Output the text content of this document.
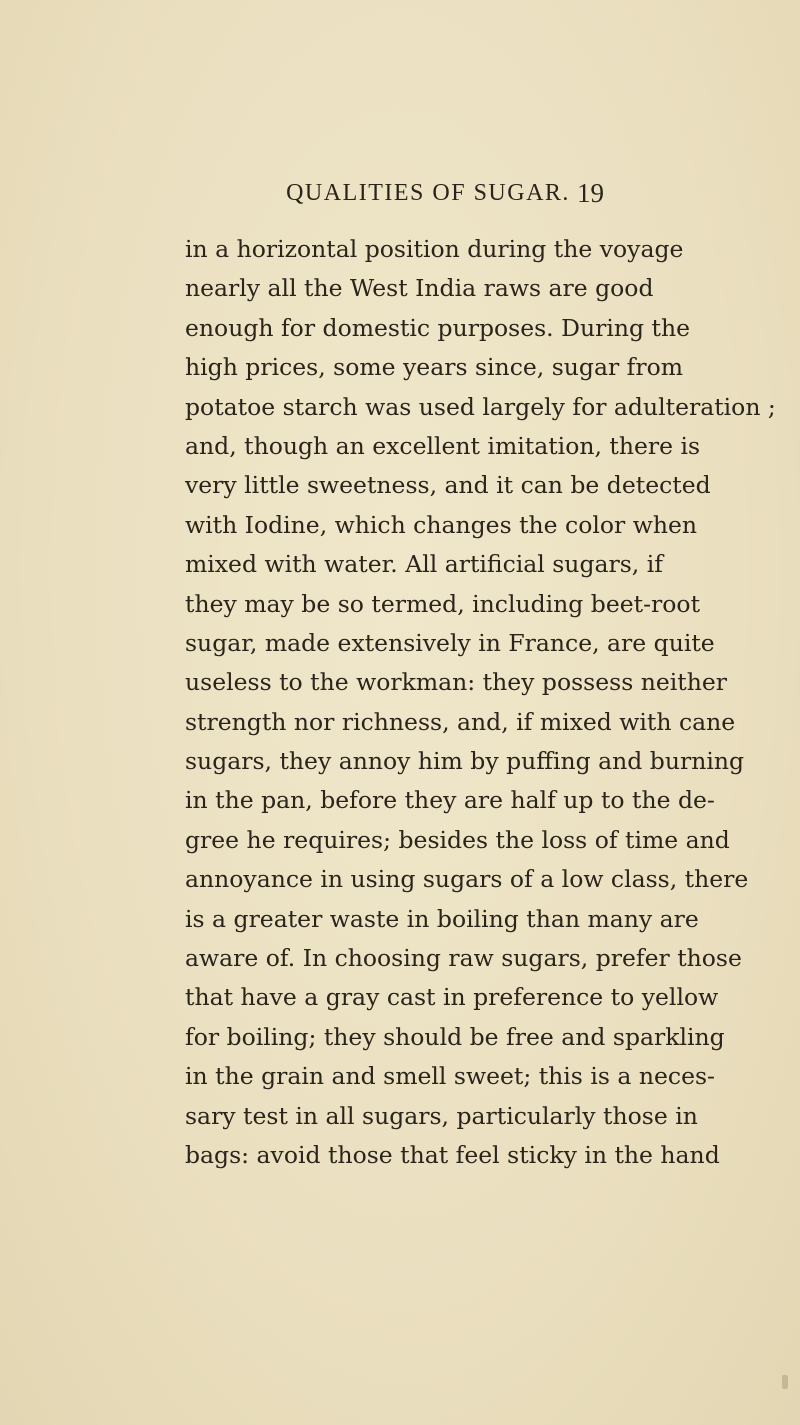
QUALITIES OF SUGAR. 19
in a horizontal position during the voyage
nearly all the West India raws are good
enough for domestic purposes. During the
high prices, some years since, sugar from
potatoe starch was used largely for adulteration ;
and, though an excellent imitation, there is
very little sweetness, and it can be detected
with Iodine, which changes the color when
mixed with water. All artificial sugars, if
they may be so termed, including beet-root
sugar, made extensively in France, are quite
useless to the workman: they possess neither
strength nor richness, and, if mixed with cane
sugars, they annoy him by puffing and burning
in the pan, before they are half up to the de-
gree he requires; besides the loss of time and
annoyance in using sugars of a low class, there
is a greater waste in boiling than many are
aware of. In choosing raw sugars, prefer those
that have a gray cast in preference to yellow
for boiling; they should be free and sparkling
in the grain and smell sweet; this is a neces-
sary test in all sugars, particularly those in
bags: avoid those that feel sticky in the hand
